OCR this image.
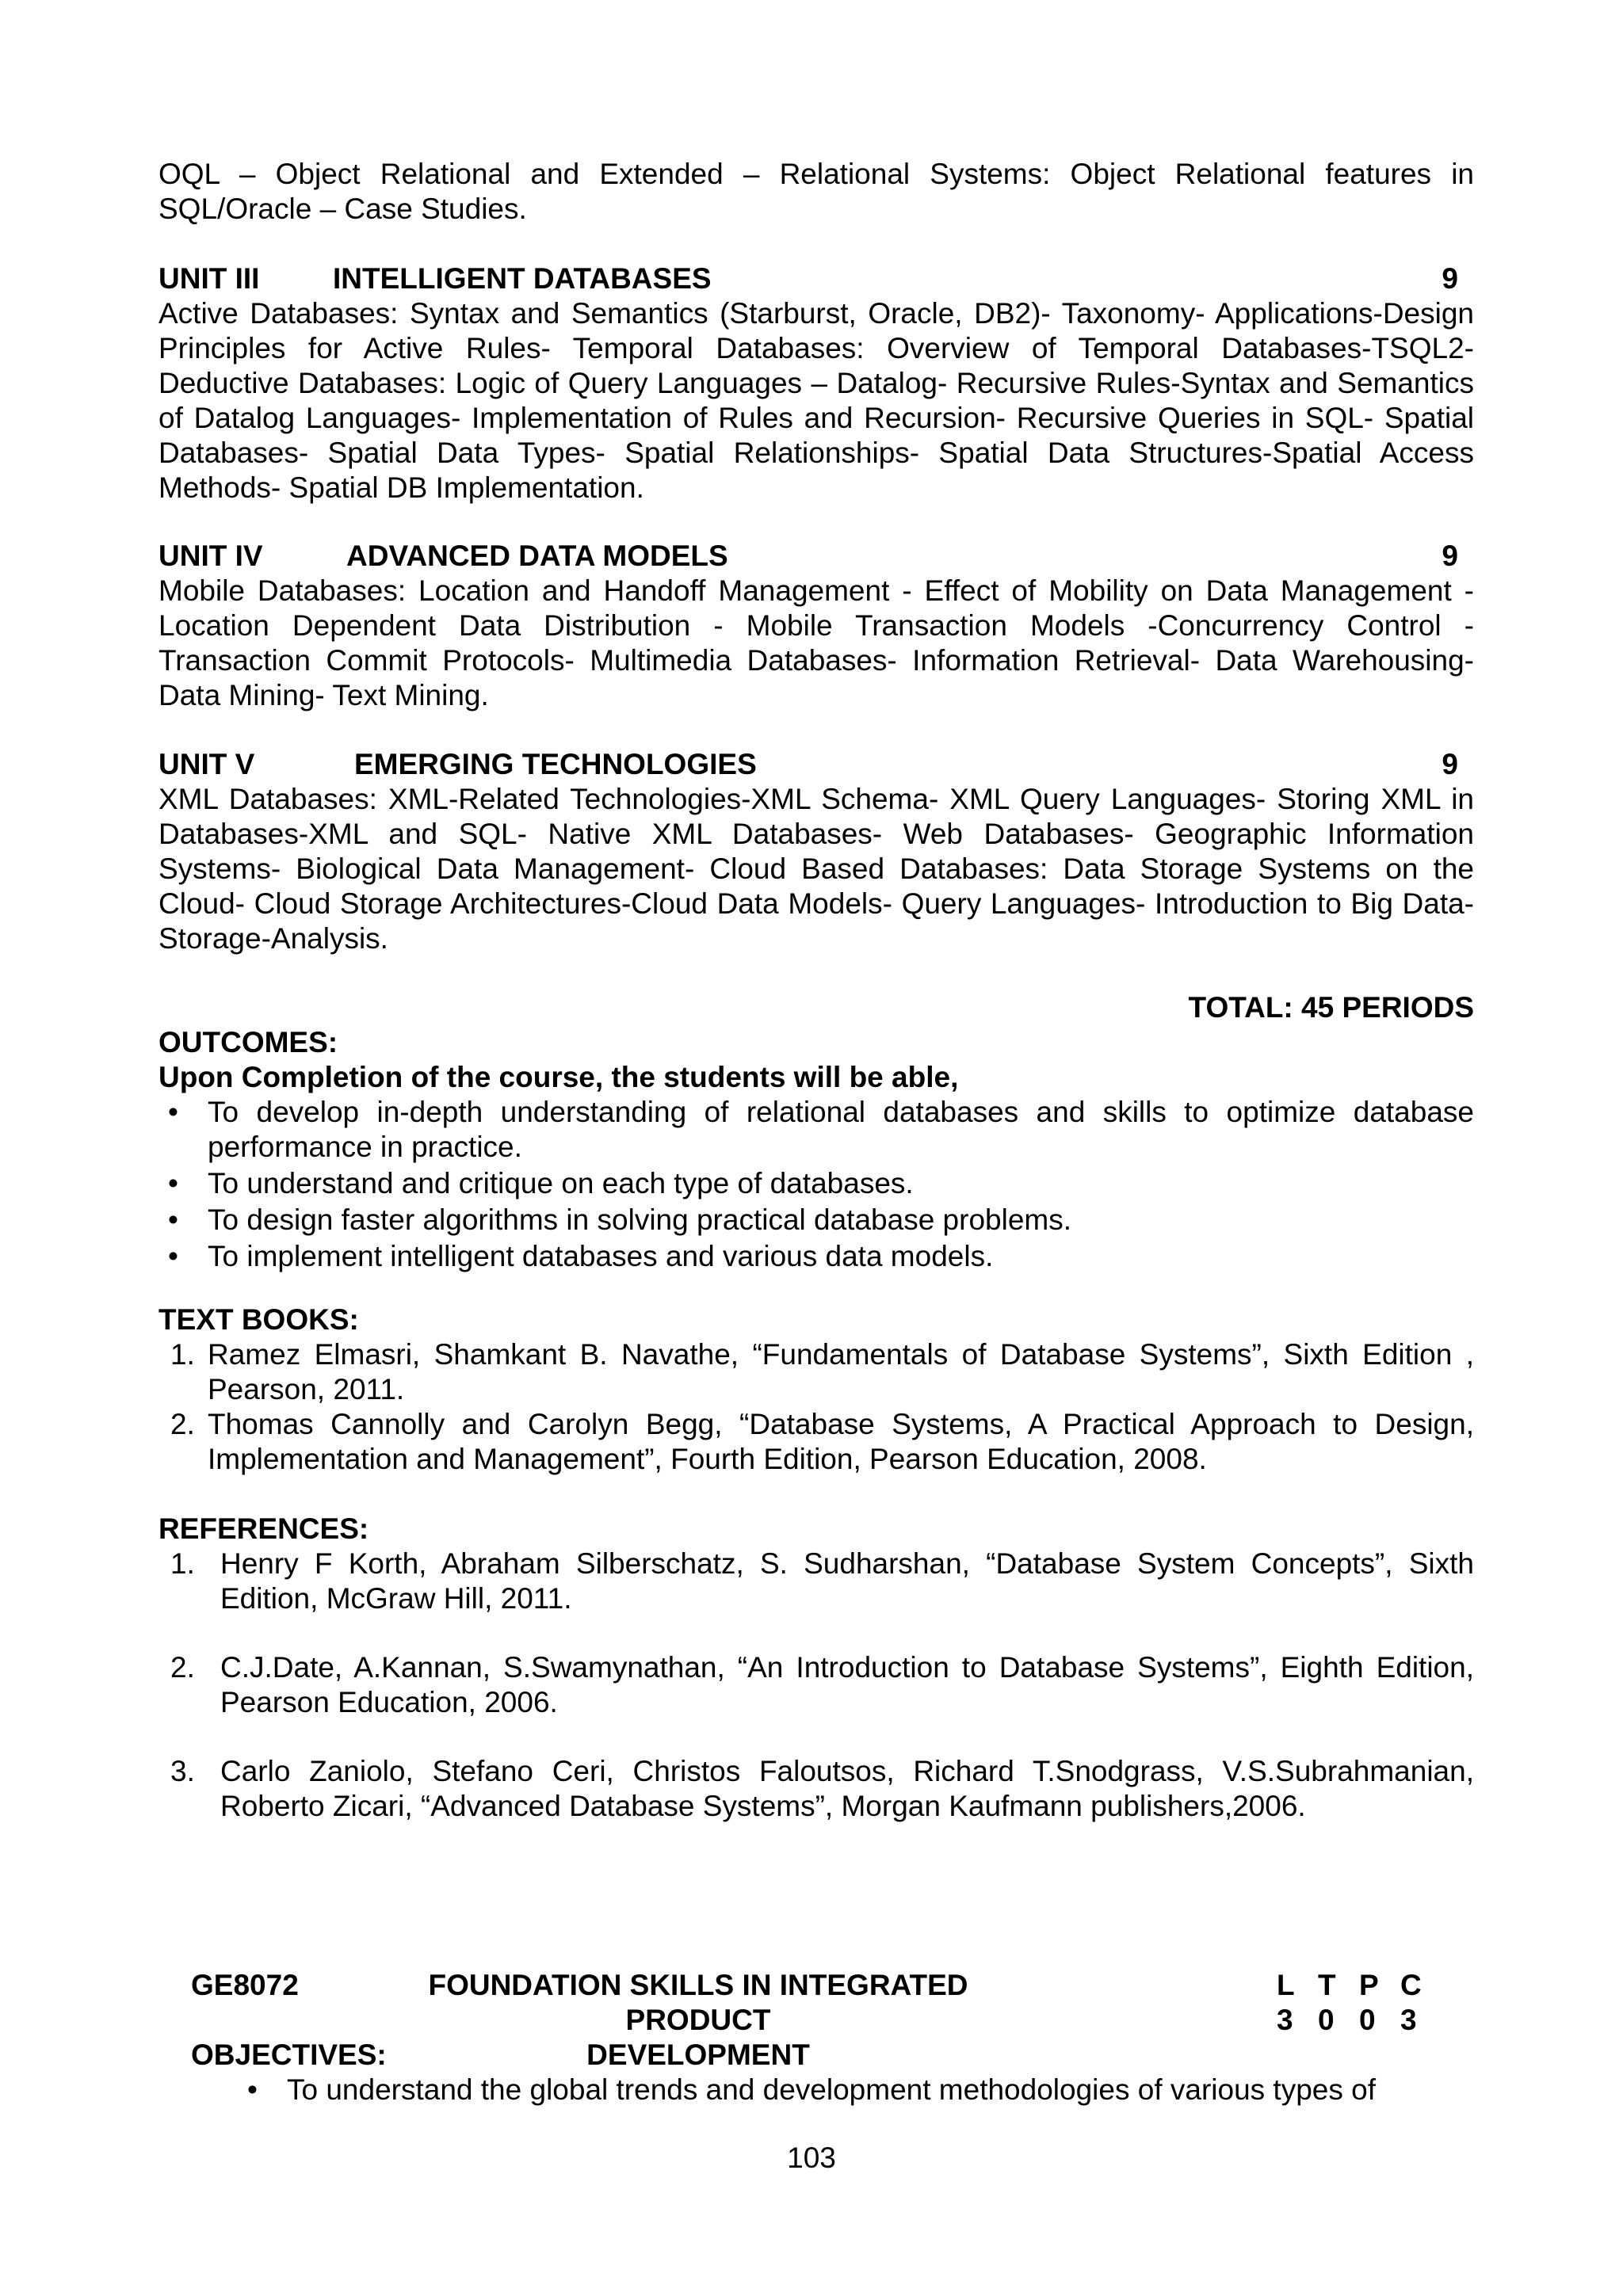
OQL – Object Relational and Extended – Relational Systems: Object Relational features in SQL/Oracle – Case Studies.

UNIT III	INTELLIGENT DATABASES	9

Active Databases: Syntax and Semantics (Starburst, Oracle, DB2)- Taxonomy- Applications-Design Principles for Active Rules- Temporal Databases: Overview of Temporal Databases-TSQL2- Deductive Databases: Logic of Query Languages – Datalog- Recursive Rules-Syntax and Semantics of Datalog Languages- Implementation of Rules and Recursion- Recursive Queries in SQL- Spatial Databases- Spatial Data Types- Spatial Relationships- Spatial Data Structures-Spatial Access Methods- Spatial DB Implementation.

UNIT IV	ADVANCED DATA MODELS	9

Mobile Databases: Location and Handoff Management - Effect of Mobility on Data Management - Location Dependent Data Distribution - Mobile Transaction Models -Concurrency Control - Transaction Commit Protocols- Multimedia Databases- Information Retrieval- Data Warehousing-Data Mining- Text Mining.

UNIT V	EMERGING TECHNOLOGIES	9

XML Databases: XML-Related Technologies-XML Schema- XML Query Languages- Storing XML in Databases-XML and SQL- Native XML Databases- Web Databases- Geographic Information Systems- Biological Data Management- Cloud Based Databases: Data Storage Systems on the Cloud- Cloud Storage Architectures-Cloud Data Models- Query Languages- Introduction to Big Data-Storage-Analysis.

TOTAL: 45 PERIODS
OUTCOMES:
Upon Completion of the course, the students will be able,
• To develop in-depth understanding of relational databases and skills to optimize database performance in practice.
• To understand and critique on each type of databases.
• To design faster algorithms in solving practical database problems.
• To implement intelligent databases and various data models.
TEXT BOOKS:
1. Ramez Elmasri, Shamkant B. Navathe, “Fundamentals of Database Systems”, Sixth Edition , Pearson, 2011.
2. Thomas Cannolly and Carolyn Begg, “Database Systems, A Practical Approach to Design, Implementation and Management”, Fourth Edition, Pearson Education, 2008.
REFERENCES:
1. Henry F Korth, Abraham Silberschatz, S. Sudharshan, “Database System Concepts”, Sixth Edition, McGraw Hill, 2011.
2. C.J.Date, A.Kannan, S.Swamynathan, “An Introduction to Database Systems”, Eighth Edition, Pearson Education, 2006.
3. Carlo Zaniolo, Stefano Ceri, Christos Faloutsos, Richard T.Snodgrass, V.S.Subrahmanian, Roberto Zicari, “Advanced Database Systems”, Morgan Kaufmann publishers,2006.
GE8072	FOUNDATION SKILLS IN INTEGRATED PRODUCT
DEVELOPMENT
L T P C
3 0 0 3
OBJECTIVES:
• To understand the global trends and development methodologies of various types of
103
